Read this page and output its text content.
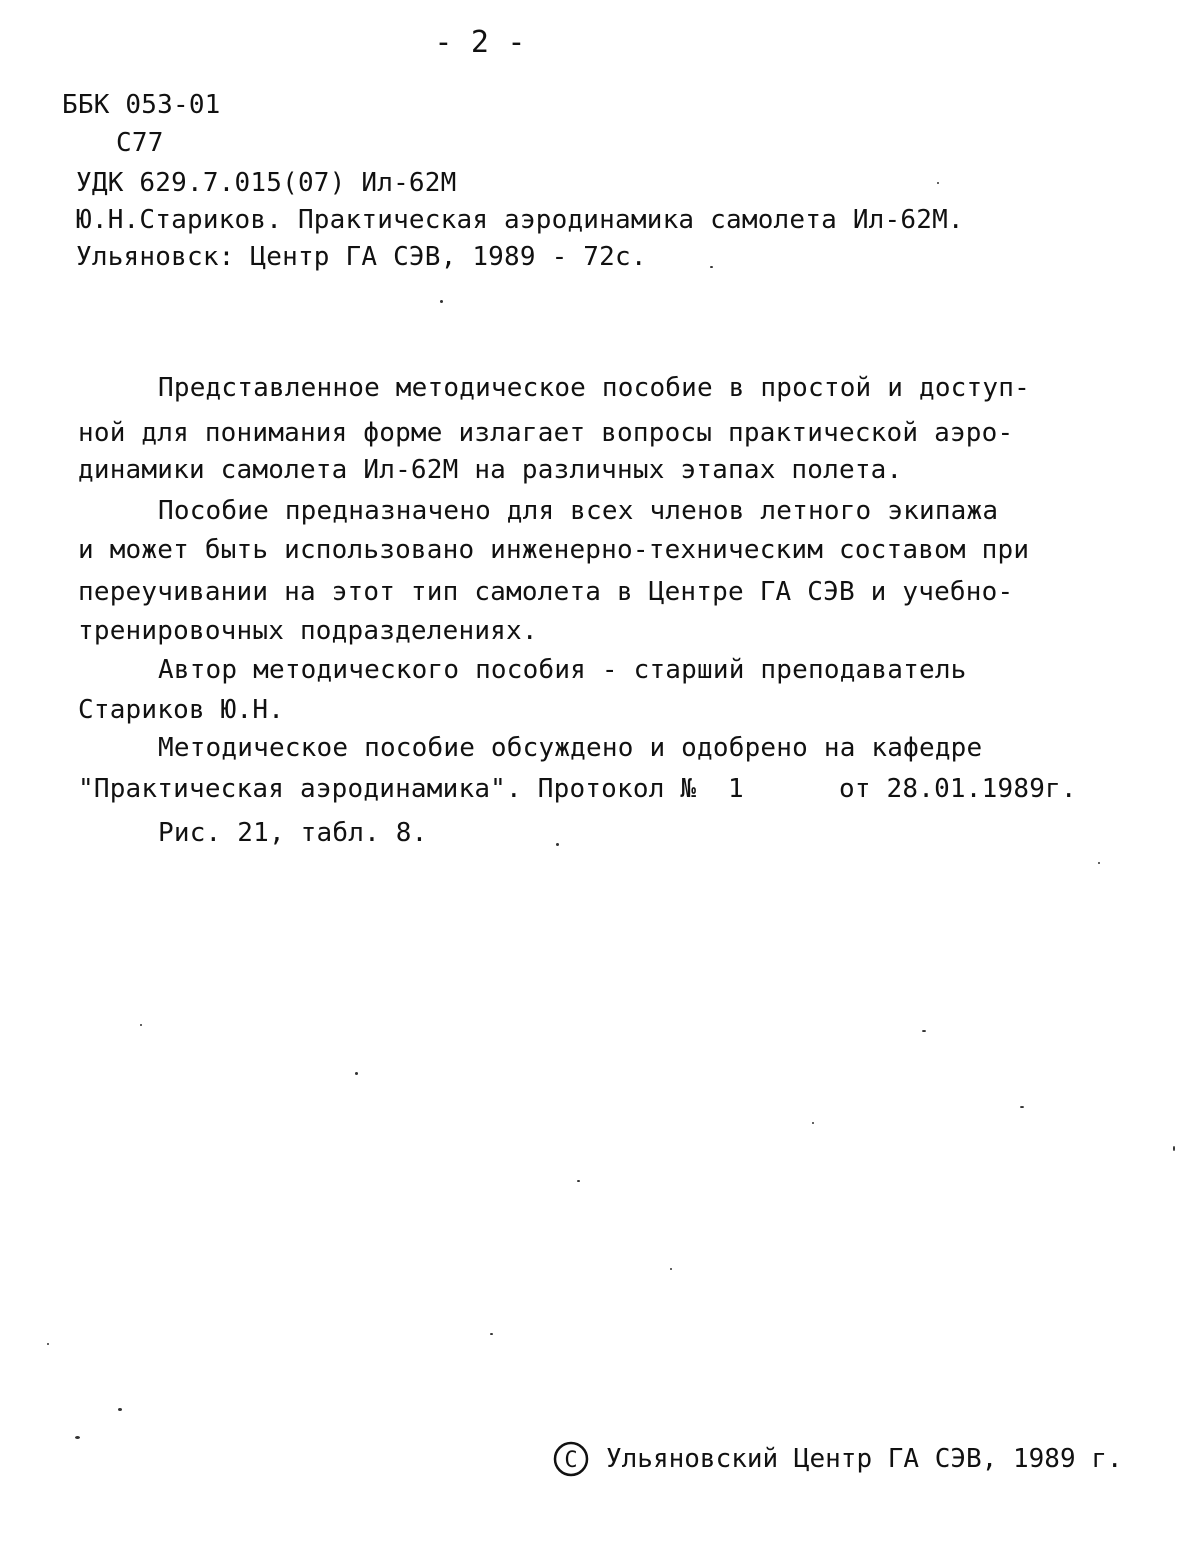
- 2 -
ББК 053-01
С77
УДК 629.7.015(07) Ил-62М
Ю.Н.Стариков. Практическая аэродинамика самолета Ил-62М.
Ульяновск: Центр ГА СЭВ, 1989 - 72с.
Представленное методическое пособие в простой и доступ-
ной для понимания форме излагает вопросы практической аэро-
динамики самолета Ил-62М на различных этапах полета.
Пособие предназначено для всех членов летного экипажа
и может быть использовано инженерно-техническим составом при
переучивании на этот тип самолета в Центре ГА СЭВ и учебно-
тренировочных подразделениях.
Автор методического пособия - старший преподаватель
Стариков Ю.Н.
Методическое пособие обсуждено и одобрено на кафедре
"Практическая аэродинамика". Протокол №  1      от 28.01.1989г.
Рис. 21, табл. 8.
C Ульяновский Центр ГА СЭВ, 1989 г.
